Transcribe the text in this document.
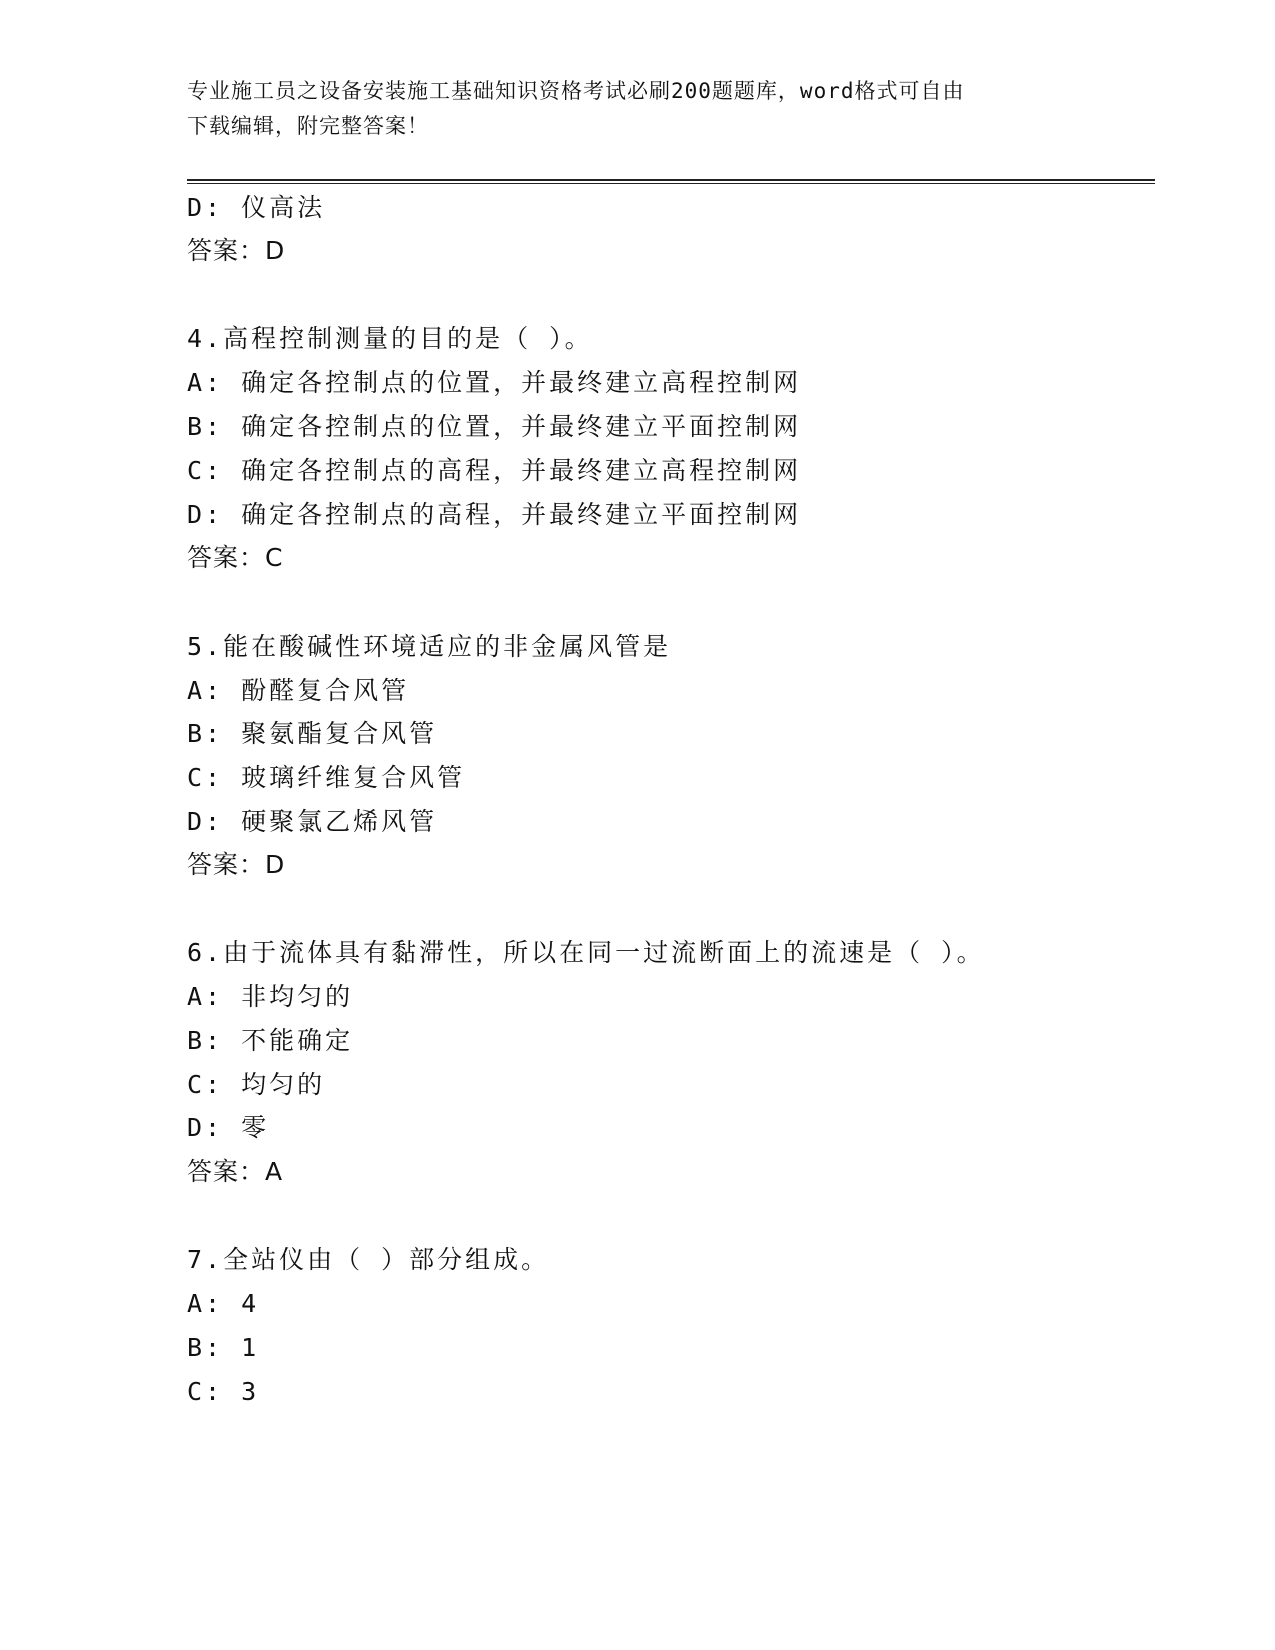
专业施工员之设备安装施工基础知识资格考试必刷200题题库，word格式可自由
下载编辑，附完整答案！
D: 仪高法
答案：D
4.高程控制测量的目的是（ ）。
A: 确定各控制点的位置，并最终建立高程控制网
B: 确定各控制点的位置，并最终建立平面控制网
C: 确定各控制点的高程，并最终建立高程控制网
D: 确定各控制点的高程，并最终建立平面控制网
答案：C
5.能在酸碱性环境适应的非金属风管是
A: 酚醛复合风管
B: 聚氨酯复合风管
C: 玻璃纤维复合风管
D: 硬聚氯乙烯风管
答案：D
6.由于流体具有黏滞性，所以在同一过流断面上的流速是（ ）。
A: 非均匀的
B: 不能确定
C: 均匀的
D: 零
答案：A
7.全站仪由（ ）部分组成。
A: 4
B: 1
C: 3
